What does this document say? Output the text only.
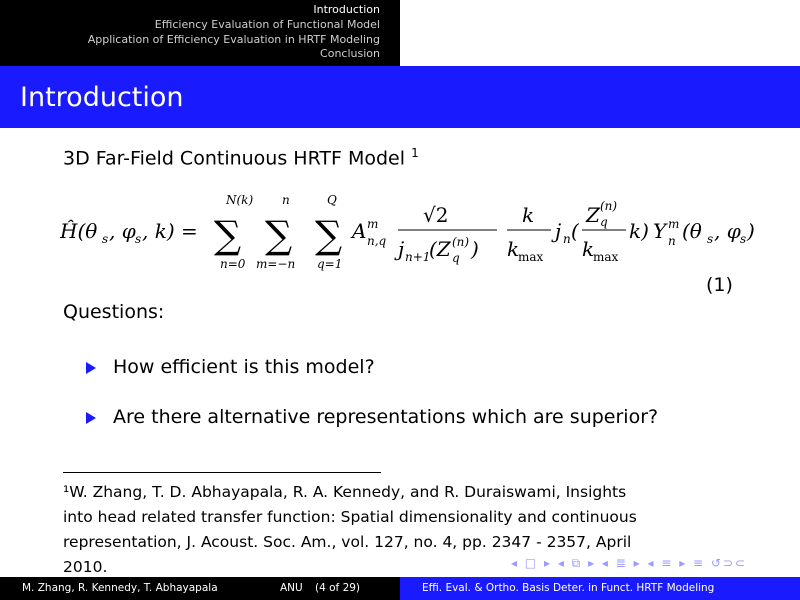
Introduction
Efficiency Evaluation of Functional Model
Application of Efficiency Evaluation in HRTF Modeling
Conclusion
Introduction
3D Far-Field Continuous HRTF Model $^1$
Ĥ(θ s , φ s , k) =
N(k)
∑
n=0
n
∑
m=−n
Q
∑
q=1
A m
n,q
√2
j n+1
(Z (n)
q )
k
k
max
j n (
Z (n)
q
k
max
k) Y m
n (θ s , φ s )
(1)
Questions:
How efficient is this model?
Are there alternative representations which are superior?
¹W. Zhang, T. D. Abhayapala, R. A. Kennedy, and R. Duraiswami, Insights
into head related transfer function: Spatial dimensionality and continuous
representation, J. Acoust. Soc. Am., vol. 127, no. 4, pp. 2347 - 2357, April
2010.	◂ □ ▸ ◂ ⧉ ▸ ◂ ≣ ▸ ◂ ≡ ▸ ≡ ↺⊃⊂
M. Zhang, R. Kennedy, T. Abhayapala	ANU (4 of 29)	Effi. Eval. & Ortho. Basis Deter. in Funct. HRTF Modeling
